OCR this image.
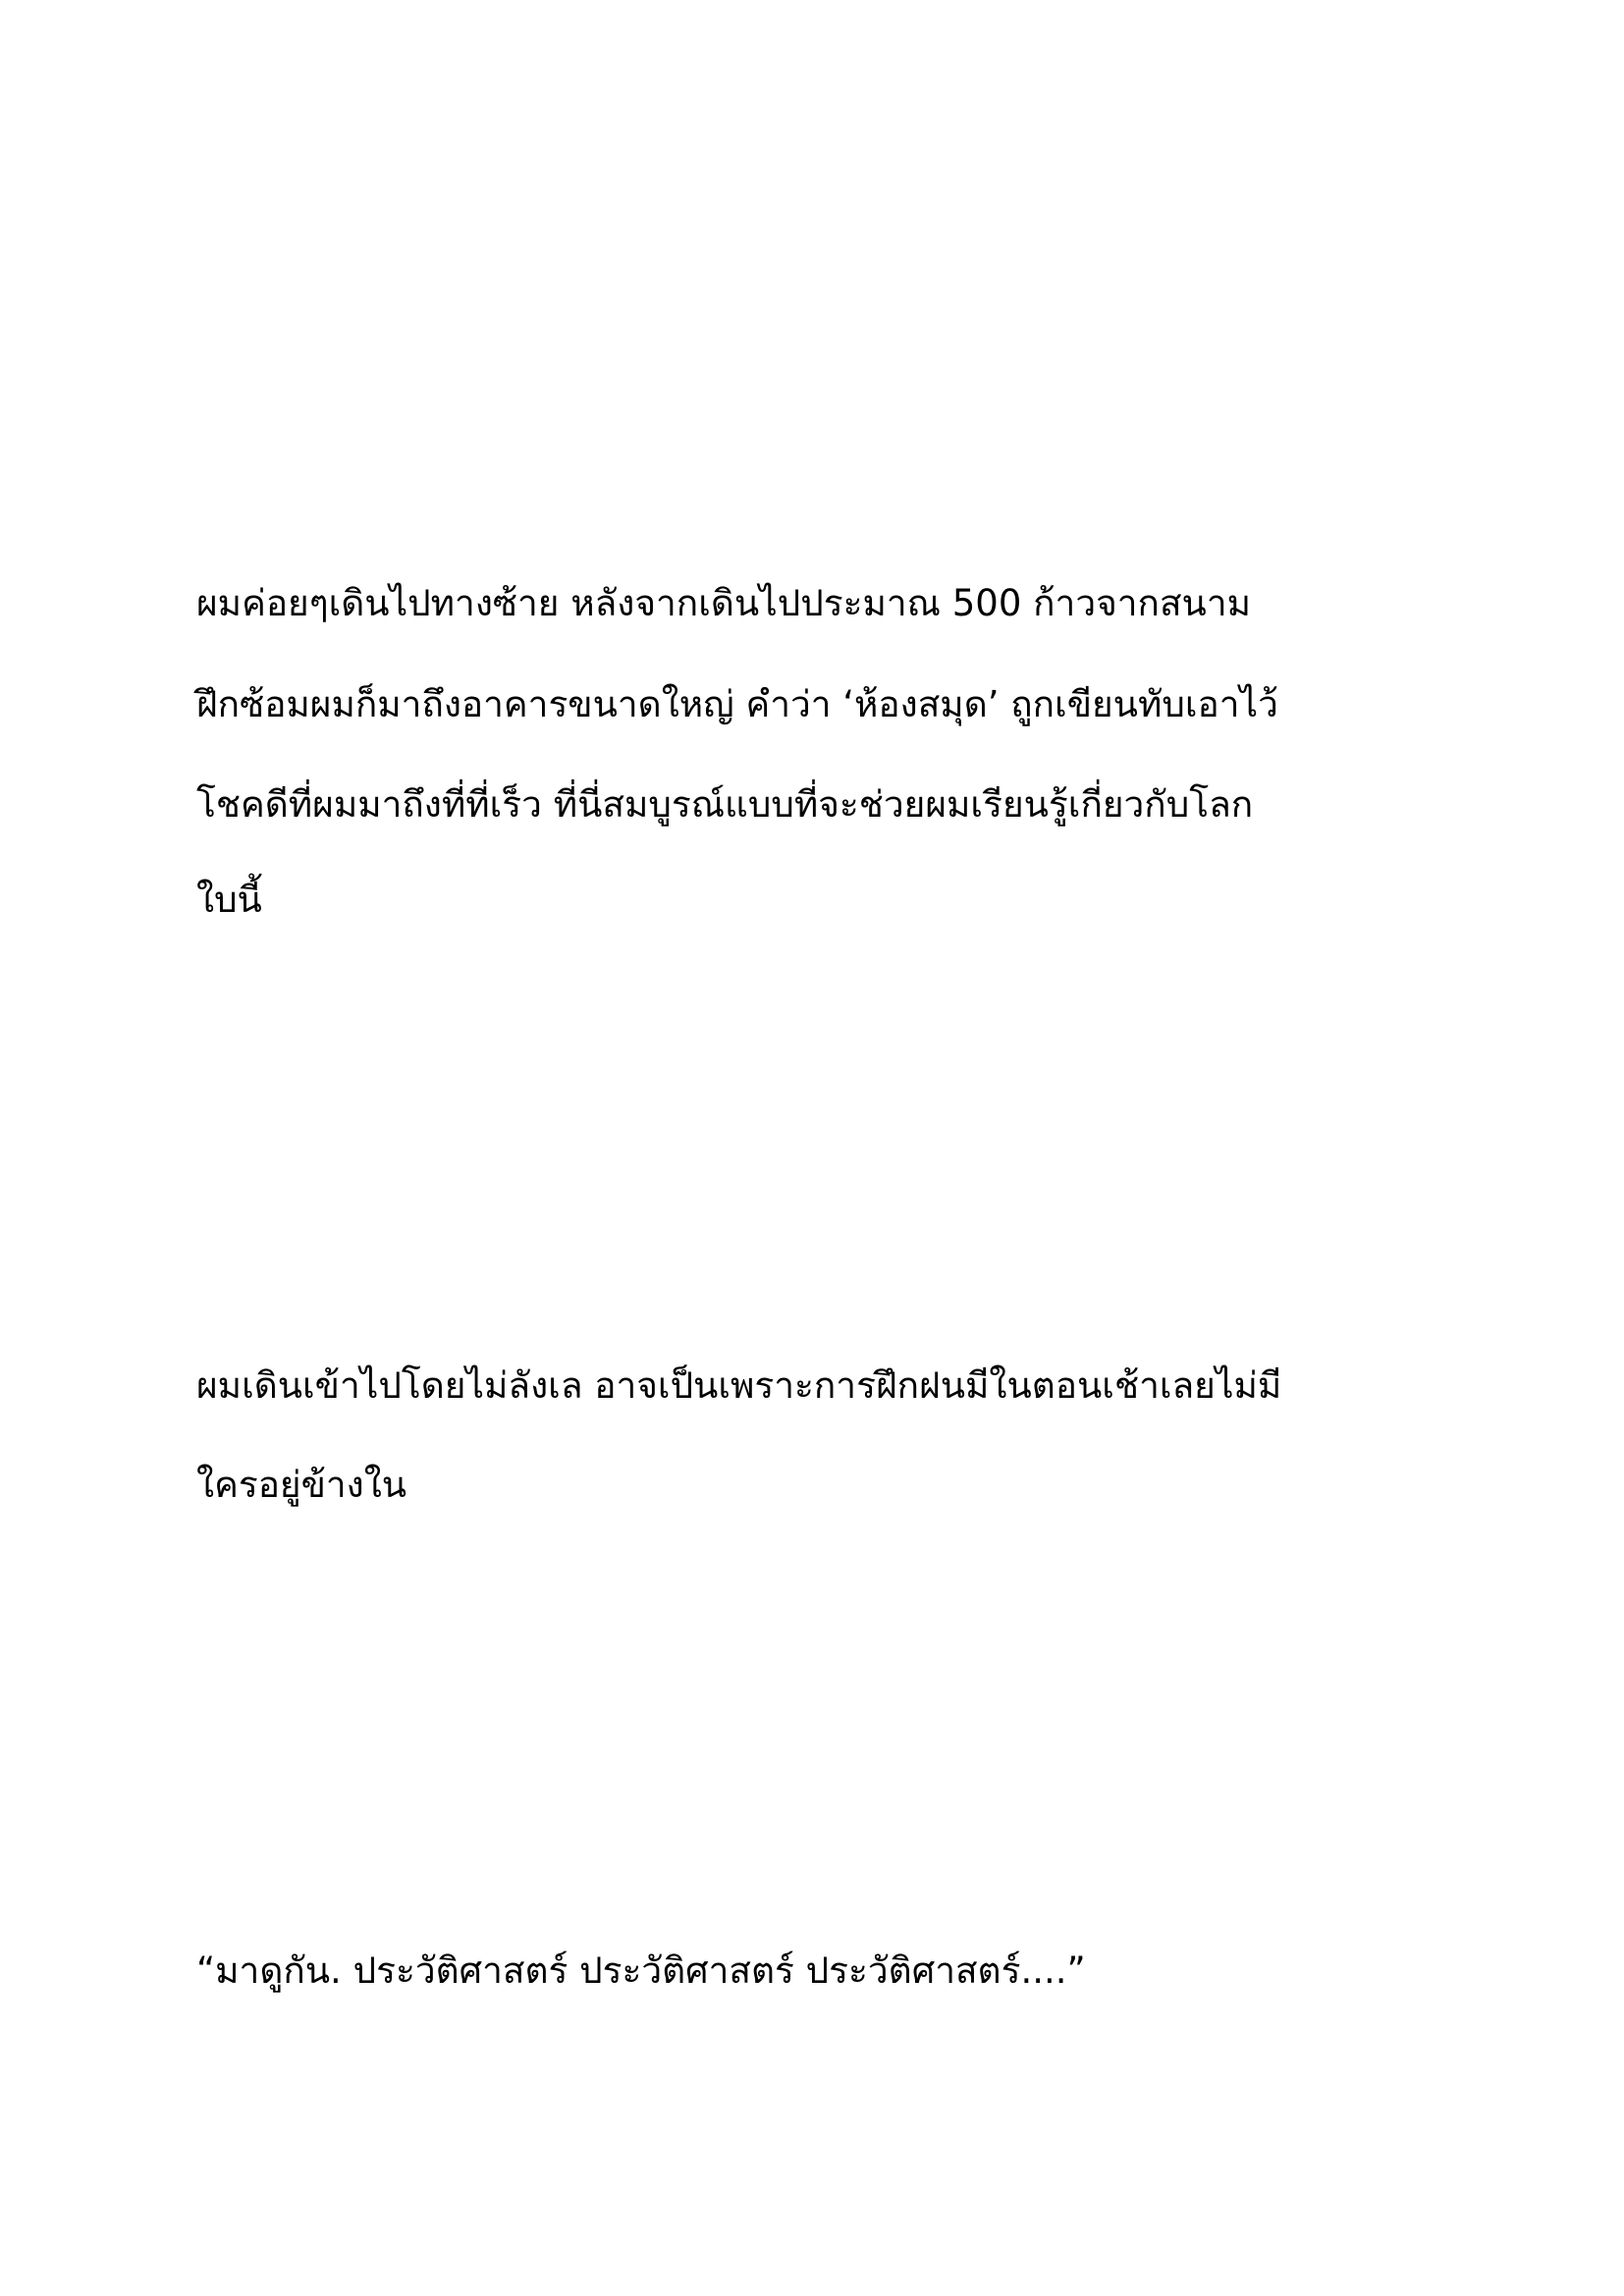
ผมค่อยๆเดินไปทางซ้าย หลังจากเดินไปประมาณ 500 ก้าวจากสนาม

ฝึกซ้อมผมก็มาถึงอาคารขนาดใหญ่ คำว่า ‘ห้องสมุด’ ถูกเขียนทับเอาไว้

โชคดีที่ผมมาถึงที่ที่เร็ว ที่นี่สมบูรณ์แบบที่จะช่วยผมเรียนรู้เกี่ยวกับโลก

ใบนี้

ผมเดินเข้าไปโดยไม่ลังเล อาจเป็นเพราะการฝึกฝนมีในตอนเช้าเลยไม่มี

ใครอยู่ข้างใน

“มาดูกัน. ประวัติศาสตร์ ประวัติศาสตร์ ประวัติศาสตร์....”
